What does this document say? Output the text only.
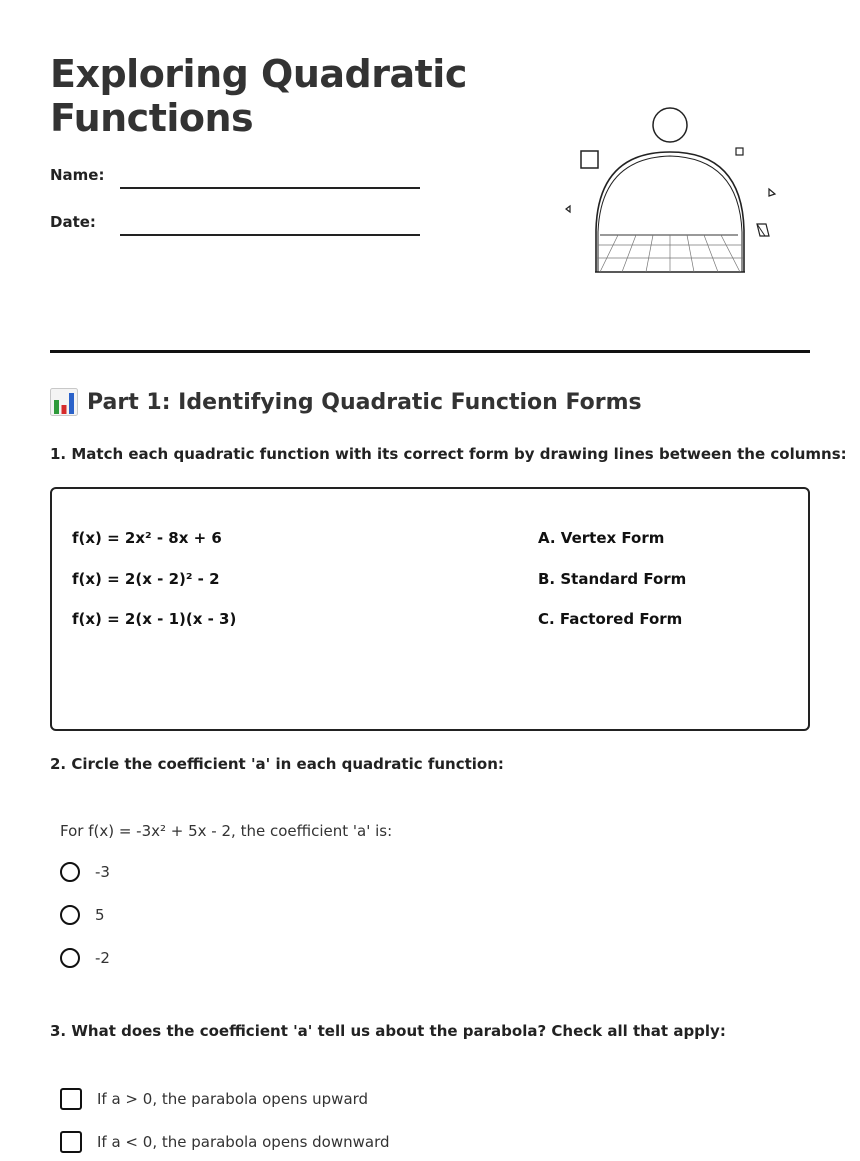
Exploring Quadratic
Functions
Name:
Date:
Part 1: Identifying Quadratic Function Forms

1. Match each quadratic function with its correct form by drawing lines between the columns:

f(x) = 2x² - 8x + 6
f(x) = 2(x - 2)² - 2
f(x) = 2(x - 1)(x - 3)
A. Vertex Form
B. Standard Form
C. Factored Form

2. Circle the coefficient 'a' in each quadratic function:

For f(x) = -3x² + 5x - 2, the coefficient 'a' is:
-3
5
-2

3. What does the coefficient 'a' tell us about the parabola? Check all that apply:

If a > 0, the parabola opens upward
If a < 0, the parabola opens downward
